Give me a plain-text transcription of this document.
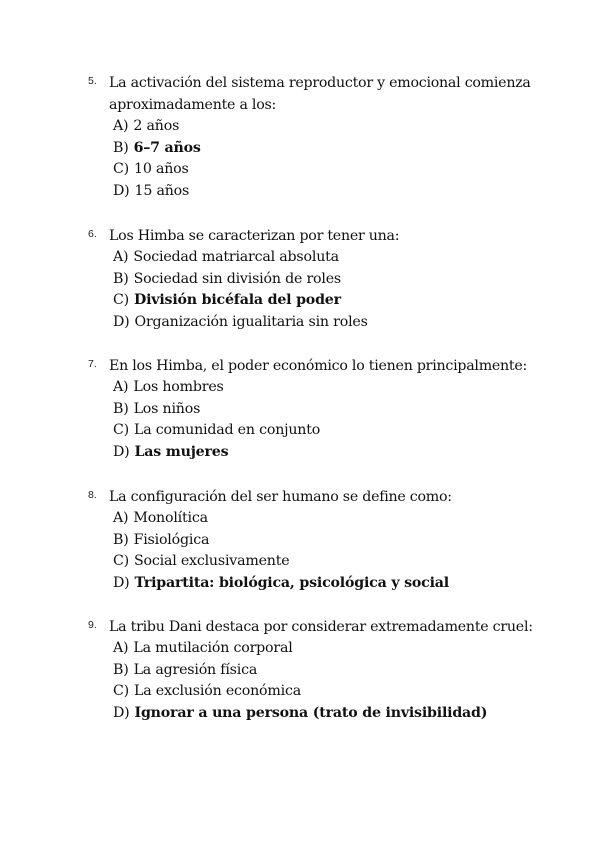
5. La activación del sistema reproductor y emocional comienza aproximadamente a los:
A) 2 años
B) 6–7 años
C) 10 años
D) 15 años
6. Los Himba se caracterizan por tener una:
A) Sociedad matriarcal absoluta
B) Sociedad sin división de roles
C) División bicéfala del poder
D) Organización igualitaria sin roles
7. En los Himba, el poder económico lo tienen principalmente:
A) Los hombres
B) Los niños
C) La comunidad en conjunto
D) Las mujeres
8. La configuración del ser humano se define como:
A) Monolítica
B) Fisiológica
C) Social exclusivamente
D) Tripartita: biológica, psicológica y social
9. La tribu Dani destaca por considerar extremadamente cruel:
A) La mutilación corporal
B) La agresión física
C) La exclusión económica
D) Ignorar a una persona (trato de invisibilidad)
